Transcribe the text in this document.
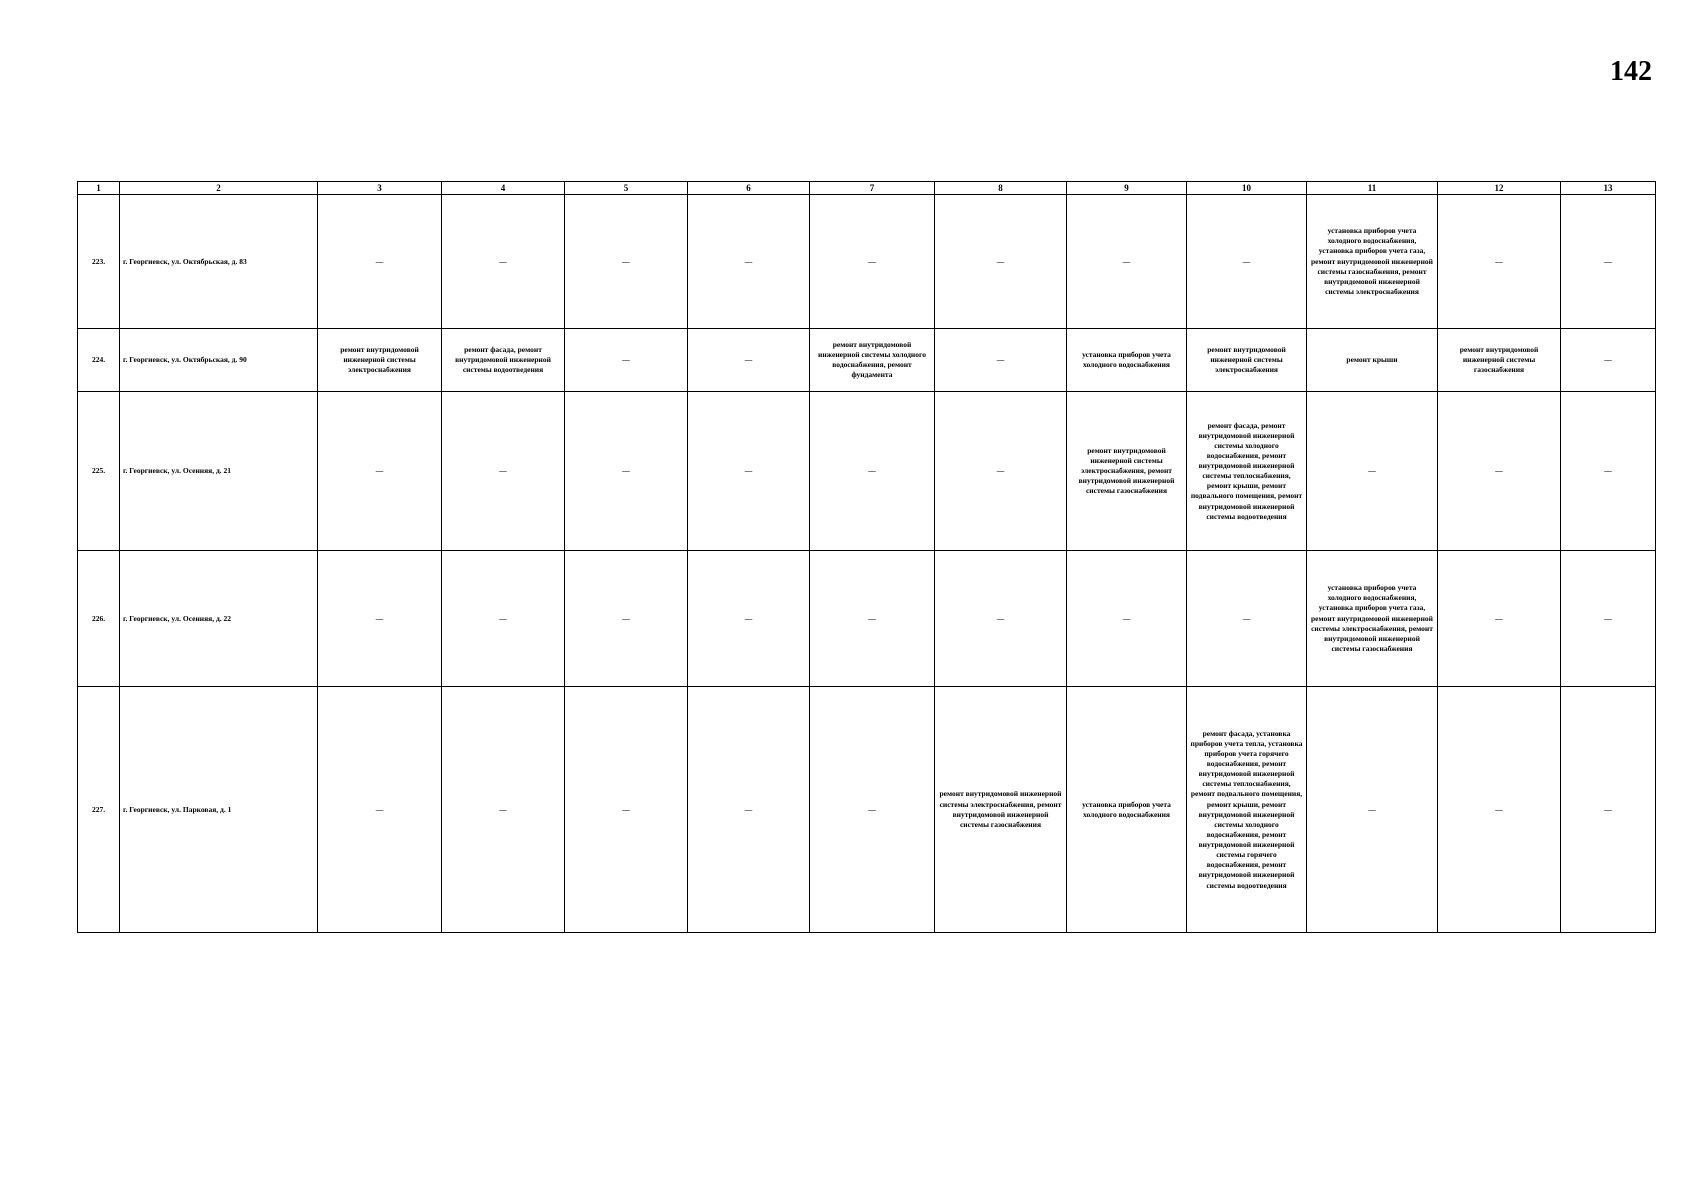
142
1	2	3	4	5	6	7	8	9	10	11	12	13
223.	г. Георгиевск, ул. Октябрьская, д. 83	—	—	—	—	—	—	—	—	установка приборов учета холодного водоснабжения, установка приборов учета газа, ремонт внутридомовой инженерной системы газоснабжения, ремонт внутридомовой инженерной системы электроснабжения	—	—
224.	г. Георгиевск, ул. Октябрьская, д. 90	ремонт внутридомовой инженерной системы электроснабжения	ремонт фасада, ремонт внутридомовой инженерной системы водоотведения	—	—	ремонт внутридомовой инженерной системы холодного водоснабжения, ремонт фундамента	—	установка приборов учета холодного водоснабжения	ремонт внутридомовой инженерной системы электроснабжения	ремонт крыши	ремонт внутридомовой инженерной системы газоснабжения	—
225.	г. Георгиевск, ул. Осенняя, д. 21	—	—	—	—	—	—	ремонт внутридомовой инженерной системы электроснабжения, ремонт внутридомовой инженерной системы газоснабжения	ремонт фасада, ремонт внутридомовой инженерной системы холодного водоснабжения, ремонт внутридомовой инженерной системы теплоснабжения, ремонт крыши, ремонт подвального помещения, ремонт внутридомовой инженерной системы водоотведения	—	—	—
226.	г. Георгиевск, ул. Осенняя, д. 22	—	—	—	—	—	—	—	—	установка приборов учета холодного водоснабжения, установка приборов учета газа, ремонт внутридомовой инженерной системы электроснабжения, ремонт внутридомовой инженерной системы газоснабжения	—	—
227.	г. Георгиевск, ул. Парковая, д. 1	—	—	—	—	—	ремонт внутридомовой инженерной системы электроснабжения, ремонт внутридомовой инженерной системы газоснабжения	установка приборов учета холодного водоснабжения	ремонт фасада, установка приборов учета тепла, установка приборов учета горячего водоснабжения, ремонт внутридомовой инженерной системы теплоснабжения, ремонт подвального помещения, ремонт крыши, ремонт внутридомовой инженерной системы холодного водоснабжения, ремонт внутридомовой инженерной системы горячего водоснабжения, ремонт внутридомовой инженерной системы водоотведения	—	—	—
